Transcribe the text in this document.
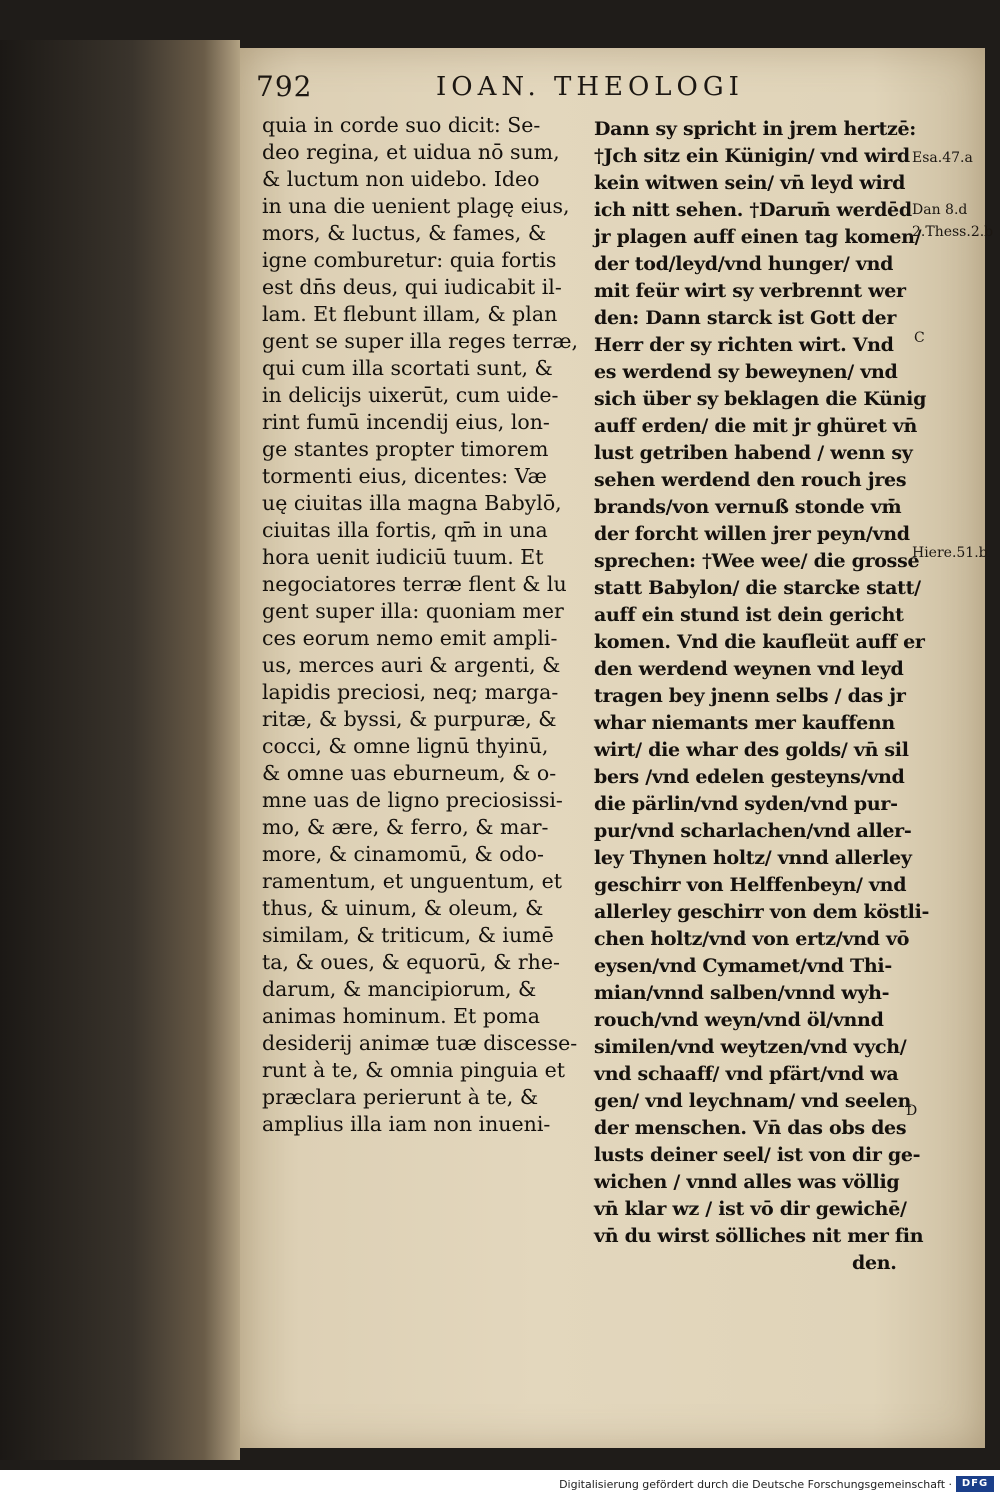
792	IOAN. THEOLOGI
quia in corde suo dicit: Se-
deo regina, et uidua nō sum,
& luctum non uidebo. Ideo
in una die uenient plagę eius,
mors, & luctus, & fames, &
igne comburetur: quia fortis
est dn̄s deus, qui iudicabit il-
lam. Et flebunt illam, & plan
gent se super illa reges terræ,
qui cum illa scortati sunt, &
in delicijs uixerūt, cum uide-
rint fumū incendij eius, lon-
ge stantes propter timorem
tormenti eius, dicentes: Væ
uę ciuitas illa magna Babylō,
ciuitas illa fortis, qm̄ in una
hora uenit iudiciū tuum. Et
negociatores terræ flent & lu
gent super illa: quoniam mer
ces eorum nemo emit ampli-
us, merces auri & argenti, &
lapidis preciosi, neq; marga-
ritæ, & byssi, & purpuræ, &
cocci, & omne lignū thyinū,
& omne uas eburneum, & o-
mne uas de ligno preciosissi-
mo, & ære, & ferro, & mar-
more, & cinamomū, & odo-
ramentum, et unguentum, et
thus, & uinum, & oleum, &
similam, & triticum, & iumē
ta, & oues, & equorū, & rhe-
darum, & mancipiorum, &
animas hominum. Et poma
desiderij animæ tuæ discesse-
runt à te, & omnia pinguia et
præclara perierunt à te, &
amplius illa iam non inueni-
Dann sy spricht in jrem hertzē:
†Jch sitz ein Künigin/ vnd wird
kein witwen sein/ vn̄ leyd wird
ich nitt sehen. †Darum̄ werdēd
jr plagen auff einen tag komen/
der tod/leyd/vnd hunger/ vnd
mit feür wirt sy verbrennt wer
den: Dann starck ist Gott der
Herr der sy richten wirt. Vnd
es werdend sy beweynen/ vnd
sich über sy beklagen die Künig
auff erden/ die mit jr ghüret vn̄
lust getriben habend / wenn sy
sehen werdend den rouch jres
brands/von vernuß stonde vm̄
der forcht willen jrer peyn/vnd
sprechen: †Wee wee/ die grosse
statt Babylon/ die starcke statt/
auff ein stund ist dein gericht
komen. Vnd die kaufleüt auff er
den werdend weynen vnd leyd
tragen bey jnenn selbs / das jr
whar niemants mer kauffenn
wirt/ die whar des golds/ vn̄ sil
bers /vnd edelen gesteyns/vnd
die pärlin/vnd syden/vnd pur-
pur/vnd scharlachen/vnd aller-
ley Thynen holtz/ vnnd allerley
geschirr von Helffenbeyn/ vnd
allerley geschirr von dem köstli-
chen holtz/vnd von ertz/vnd vō
eysen/vnd Cymamet/vnd Thi-
mian/vnnd salben/vnnd wyh-
rouch/vnd weyn/vnd öl/vnnd
similen/vnd weytzen/vnd vych/
vnd schaaff/ vnd pfärt/vnd wa
gen/ vnd leychnam/ vnd seelen
der menschen. Vn̄ das obs des
lusts deiner seel/ ist von dir ge-
wichen / vnnd alles was völlig
vn̄ klar wz / ist vō dir gewichē/
vn̄ du wirst sölliches nit mer fin
den.
Esa.47.a
Dan 8.d
2.Thess.2.b
C
Hiere.51.b
D
Digitalisierung gefördert durch die Deutsche Forschungsgemeinschaft · DFG
